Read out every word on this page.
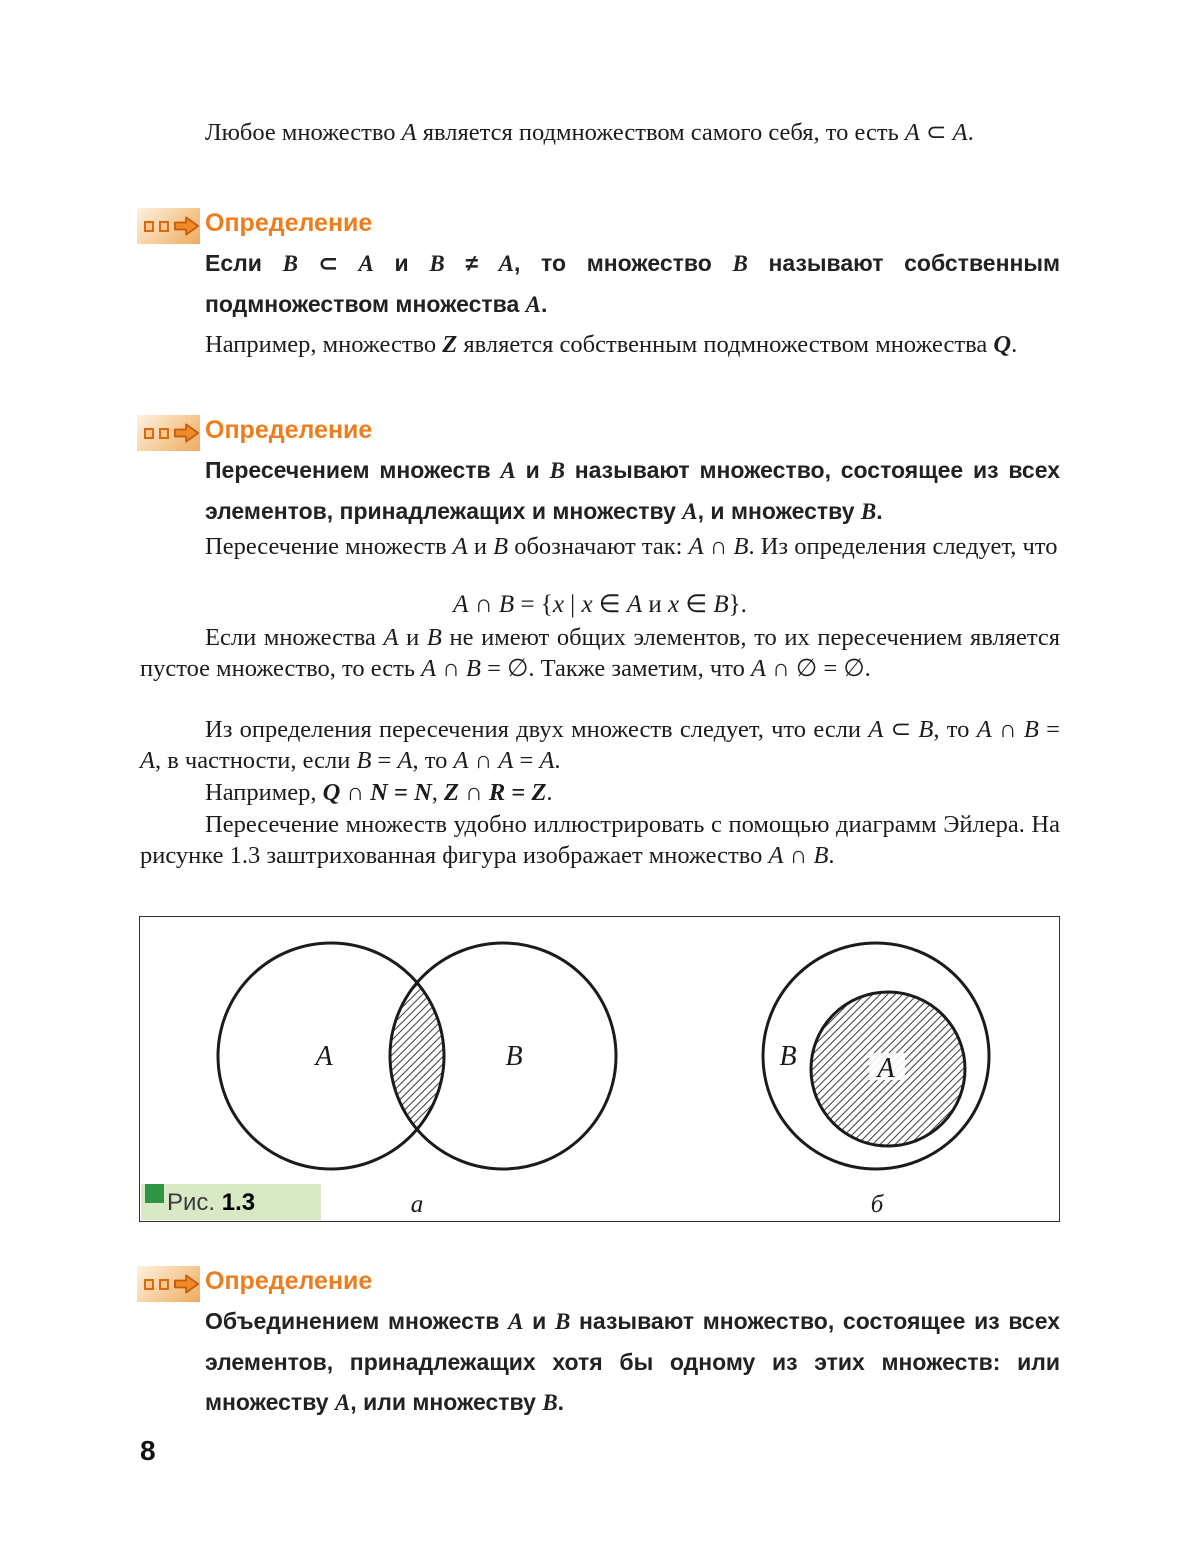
Любое множество A является подмножеством самого себя, то есть A ⊂ A.

Определение
Если B ⊂ A и B ≠ A, то множество B называют собственным подмножеством множества A.

Например, множество Z является собственным подмножеством множества Q.

Определение
Пересечением множеств A и B называют множество, состоящее из всех элементов, принадлежащих и множеству A, и множеству B.

Пересечение множеств A и B обозначают так: A ∩ B. Из определения следует, что

A ∩ B = {x | x ∈ A и x ∈ B}.

Если множества A и B не имеют общих элементов, то их пересечением является пустое множество, то есть A ∩ B = ∅. Также заметим, что A ∩ ∅ = ∅.

Из определения пересечения двух множеств следует, что если A ⊂ B, то A ∩ B = A, в частности, если B = A, то A ∩ A = A.

Например, Q ∩ N = N, Z ∩ R = Z.

Пересечение множеств удобно иллюстрировать с помощью диаграмм Эйлера. На рисунке 1.3 заштрихованная фигура изображает множество A ∩ B.

A	B
а
B	A
б
Рис. 1.3
Определение
Объединением множеств A и B называют множество, состоящее из всех элементов, принадлежащих хотя бы одному из этих множеств: или множеству A, или множеству B.
8
